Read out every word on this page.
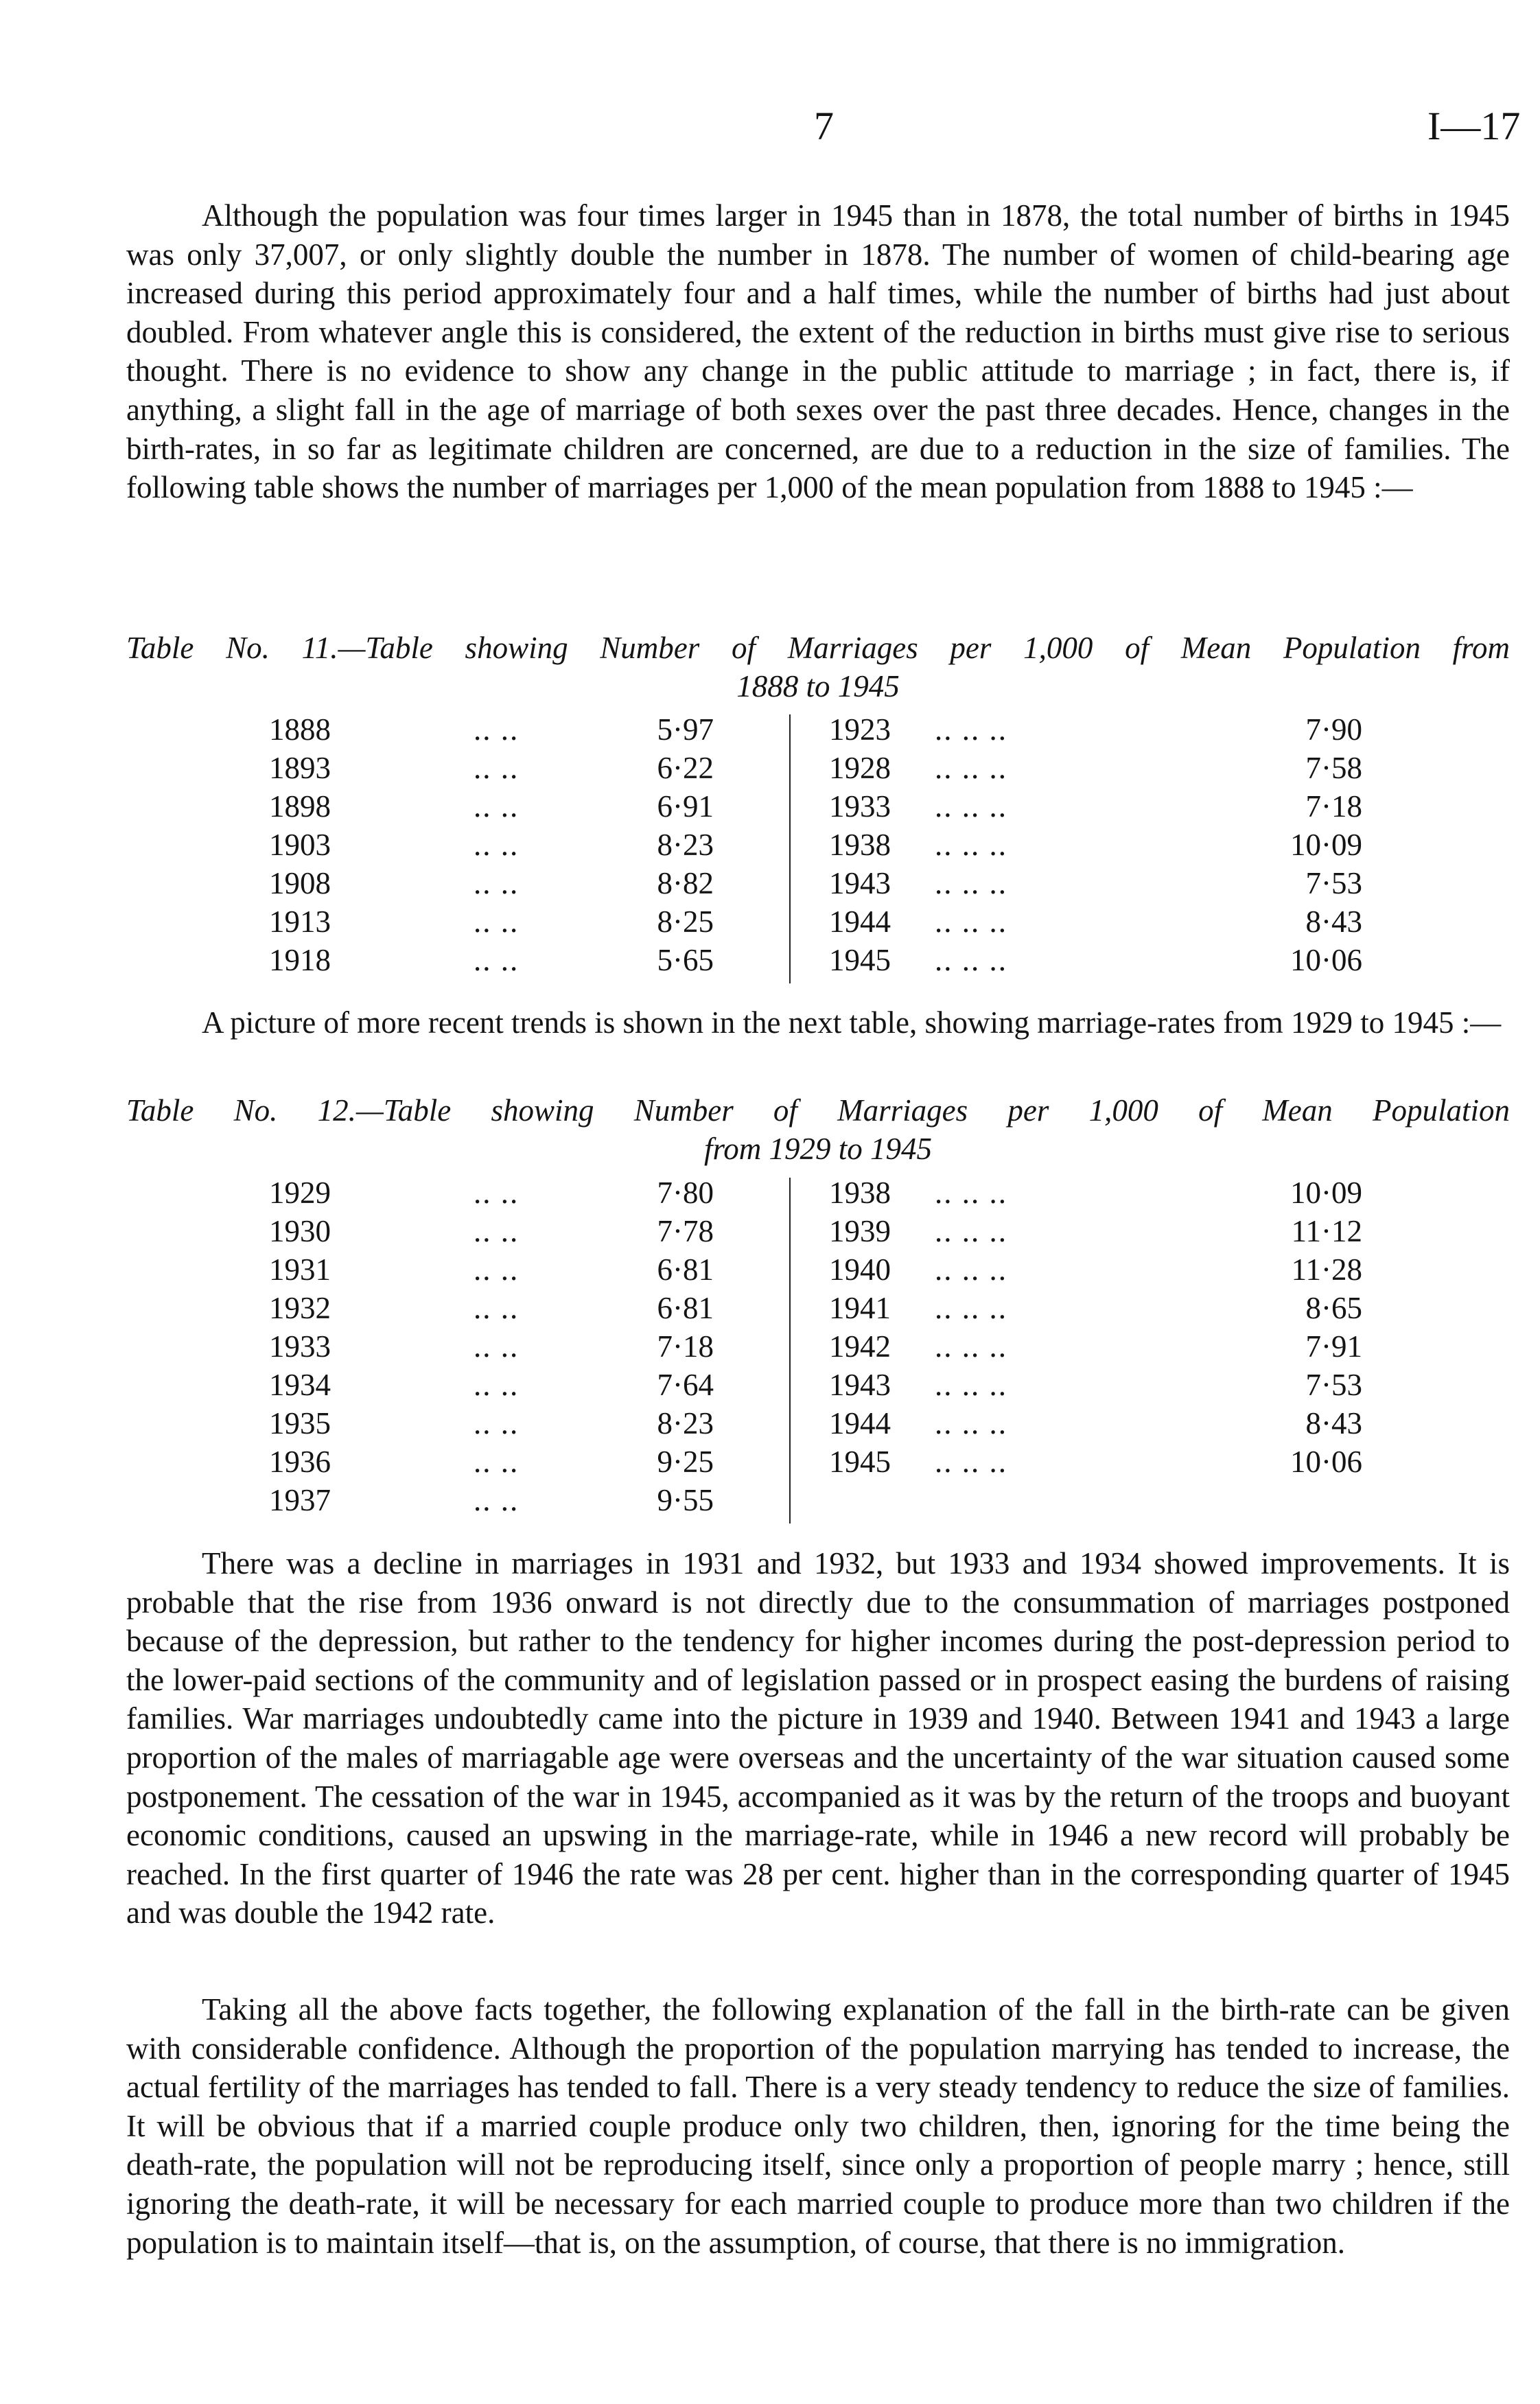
7	I—17

Although the population was four times larger in 1945 than in 1878, the total number of births in 1945 was only 37,007, or only slightly double the number in 1878. The number of women of child-bearing age increased during this period approximately four and a half times, while the number of births had just about doubled. From whatever angle this is considered, the extent of the reduction in births must give rise to serious thought. There is no evidence to show any change in the public attitude to marriage ; in fact, there is, if anything, a slight fall in the age of marriage of both sexes over the past three decades. Hence, changes in the birth-rates, in so far as legitimate children are concerned, are due to a reduction in the size of families. The following table shows the number of marriages per 1,000 of the mean population from 1888 to 1945 :—

Table No. 11.—Table showing Number of Marriages per 1,000 of Mean Population from
1888 to 1945
1888	.. ..	5·97	1923 .. .. ..	7·90
1893	.. ..	6·22	1928 .. .. ..	7·58
1898	.. ..	6·91	1933 .. .. ..	7·18
1903	.. ..	8·23	1938 .. .. ..	10·09
1908	.. ..	8·82	1943 .. .. ..	7·53
1913	.. ..	8·25	1944 .. .. ..	8·43
1918	.. ..	5·65	1945 .. .. ..	10·06

A picture of more recent trends is shown in the next table, showing marriage-rates from 1929 to 1945 :—

Table No. 12.—Table showing Number of Marriages per 1,000 of Mean Population
from 1929 to 1945
1929	.. ..	7·80	1938 .. .. ..	10·09
1930	.. ..	7·78	1939 .. .. ..	11·12
1931	.. ..	6·81	1940 .. .. ..	11·28
1932	.. ..	6·81	1941 .. .. ..	8·65
1933	.. ..	7·18	1942 .. .. ..	7·91
1934	.. ..	7·64	1943 .. .. ..	7·53
1935	.. ..	8·23	1944 .. .. ..	8·43
1936	.. ..	9·25	1945 .. .. ..	10·06
1937	.. ..	9·55

There was a decline in marriages in 1931 and 1932, but 1933 and 1934 showed improvements. It is probable that the rise from 1936 onward is not directly due to the consummation of marriages postponed because of the depression, but rather to the tendency for higher incomes during the post-depression period to the lower-paid sections of the community and of legislation passed or in prospect easing the burdens of raising families. War marriages undoubtedly came into the picture in 1939 and 1940. Between 1941 and 1943 a large proportion of the males of marriagable age were overseas and the uncertainty of the war situation caused some postponement. The cessation of the war in 1945, accompanied as it was by the return of the troops and buoyant economic conditions, caused an upswing in the marriage-rate, while in 1946 a new record will probably be reached. In the first quarter of 1946 the rate was 28 per cent. higher than in the corresponding quarter of 1945 and was double the 1942 rate.

Taking all the above facts together, the following explanation of the fall in the birth-rate can be given with considerable confidence. Although the proportion of the population marrying has tended to increase, the actual fertility of the marriages has tended to fall. There is a very steady tendency to reduce the size of families. It will be obvious that if a married couple produce only two children, then, ignoring for the time being the death-rate, the population will not be reproducing itself, since only a proportion of people marry ; hence, still ignoring the death-rate, it will be necessary for each married couple to produce more than two children if the population is to maintain itself—that is, on the assumption, of course, that there is no immigration.
